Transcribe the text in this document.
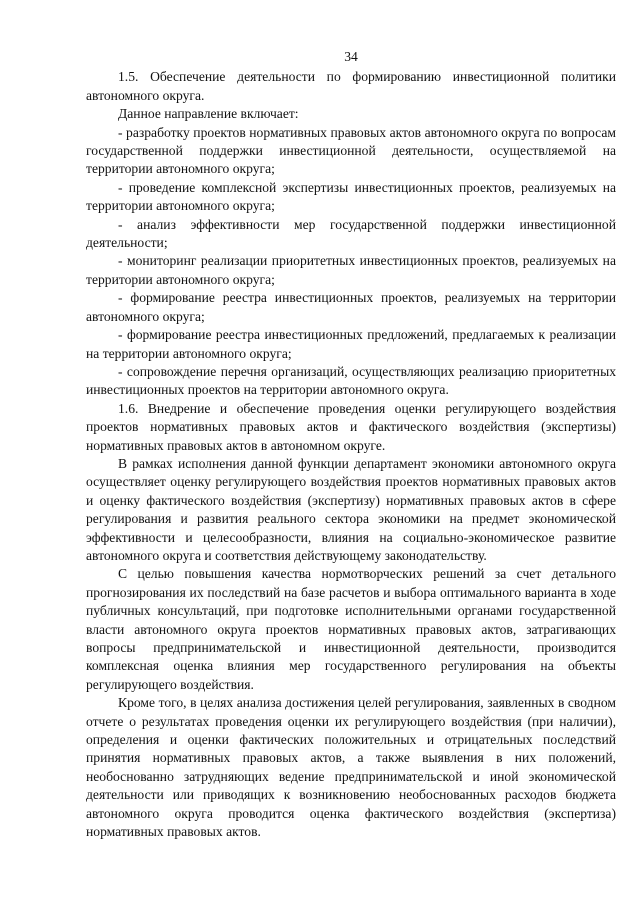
34

1.5. Обеспечение деятельности по формированию инвестиционной политики автономного округа.

Данное направление включает:

- разработку проектов нормативных правовых актов автономного округа по вопросам государственной поддержки инвестиционной деятельности, осуществляемой на территории автономного округа;

- проведение комплексной экспертизы инвестиционных проектов, реализуемых на территории автономного округа;

- анализ эффективности мер государственной поддержки инвестиционной деятельности;

- мониторинг реализации приоритетных инвестиционных проектов, реализуемых на территории автономного округа;

- формирование реестра инвестиционных проектов, реализуемых на территории автономного округа;

- формирование реестра инвестиционных предложений, предлагаемых к реализации на территории автономного округа;

- сопровождение перечня организаций, осуществляющих реализацию приоритетных инвестиционных проектов на территории автономного округа.

1.6. Внедрение и обеспечение проведения оценки регулирующего воздействия проектов нормативных правовых актов и фактического воздействия (экспертизы) нормативных правовых актов в автономном округе.

В рамках исполнения данной функции департамент экономики автономного округа осуществляет оценку регулирующего воздействия проектов нормативных правовых актов и оценку фактического воздействия (экспертизу) нормативных правовых актов в сфере регулирования и развития реального сектора экономики на предмет экономической эффективности и целесообразности, влияния на социально-экономическое развитие автономного округа и соответствия действующему законодательству.

С целью повышения качества нормотворческих решений за счет детального прогнозирования их последствий на базе расчетов и выбора оптимального варианта в ходе публичных консультаций, при подготовке исполнительными органами государственной власти автономного округа проектов нормативных правовых актов, затрагивающих вопросы предпринимательской и инвестиционной деятельности, производится комплексная оценка влияния мер государственного регулирования на объекты регулирующего воздействия.

Кроме того, в целях анализа достижения целей регулирования, заявленных в сводном отчете о результатах проведения оценки их регулирующего воздействия (при наличии), определения и оценки фактических положительных и отрицательных последствий принятия нормативных правовых актов, а также выявления в них положений, необоснованно затрудняющих ведение предпринимательской и иной экономической деятельности или приводящих к возникновению необоснованных расходов бюджета автономного округа проводится оценка фактического воздействия (экспертиза) нормативных правовых актов.
